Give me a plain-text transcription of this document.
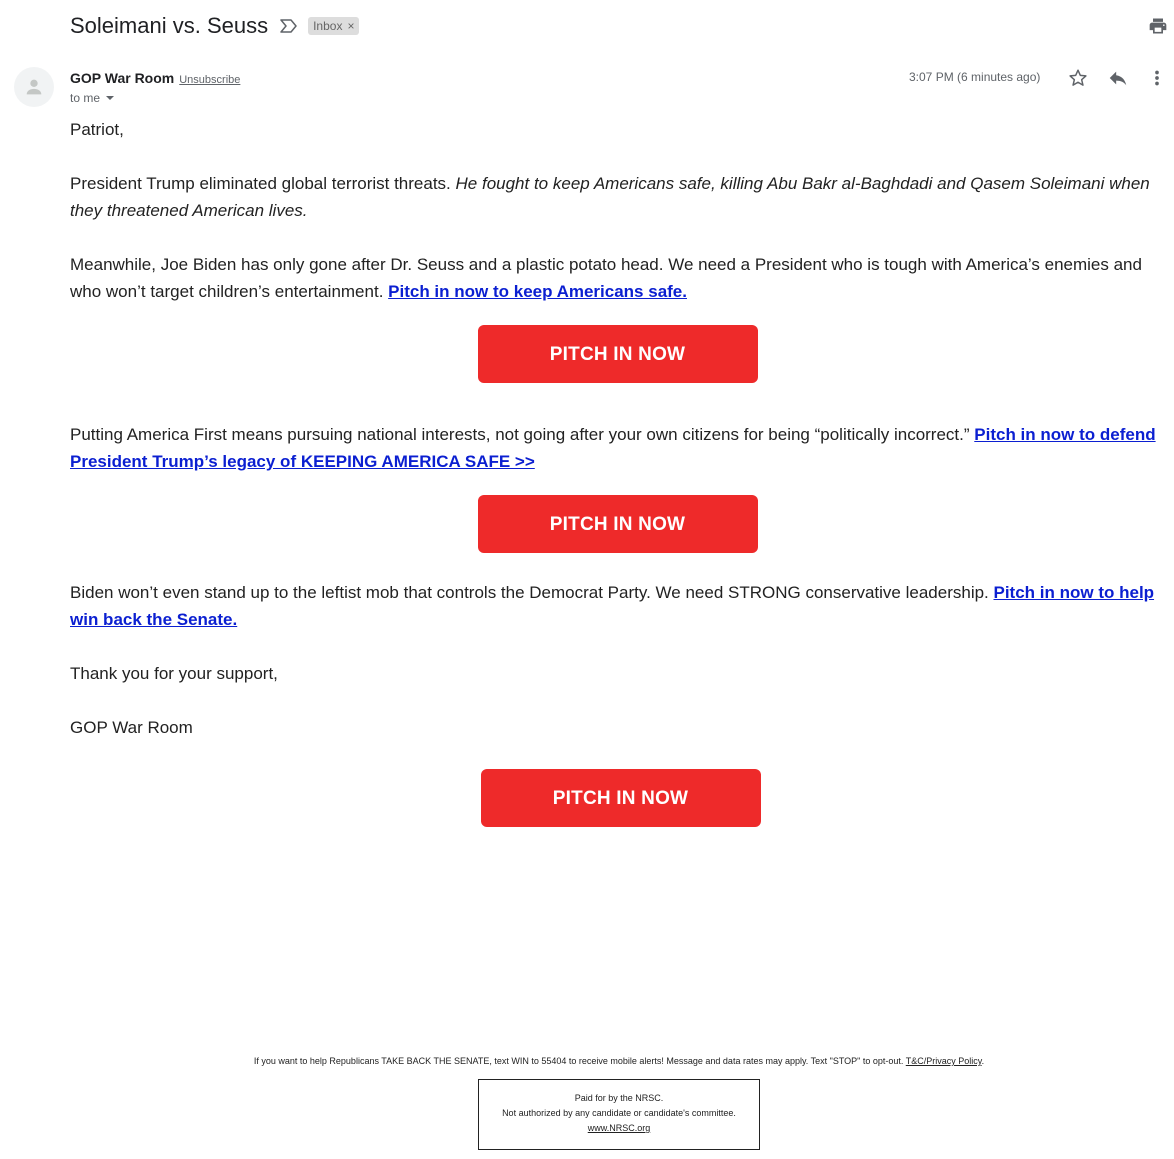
Soleimani vs. Seuss	Inbox ×
GOP War Room Unsubscribe
to me
3:07 PM (6 minutes ago)

Patriot,

President Trump eliminated global terrorist threats. He fought to keep Americans safe, killing Abu Bakr al-Baghdadi and Qasem Soleimani when they threatened American lives.

Meanwhile, Joe Biden has only gone after Dr. Seuss and a plastic potato head. We need a President who is tough with America’s enemies and who won’t target children’s entertainment. Pitch in now to keep Americans safe.

PITCH IN NOW

Putting America First means pursuing national interests, not going after your own citizens for being “politically incorrect.” Pitch in now to defend President Trump’s legacy of KEEPING AMERICA SAFE >>

PITCH IN NOW

Biden won’t even stand up to the leftist mob that controls the Democrat Party. We need STRONG conservative leadership. Pitch in now to help win back the Senate.

Thank you for your support,

GOP War Room

PITCH IN NOW
If you want to help Republicans TAKE BACK THE SENATE, text WIN to 55404 to receive mobile alerts! Message and data rates may apply. Text "STOP" to opt-out. T&C/Privacy Policy.
Paid for by the NRSC.
Not authorized by any candidate or candidate's committee.
www.NRSC.org
